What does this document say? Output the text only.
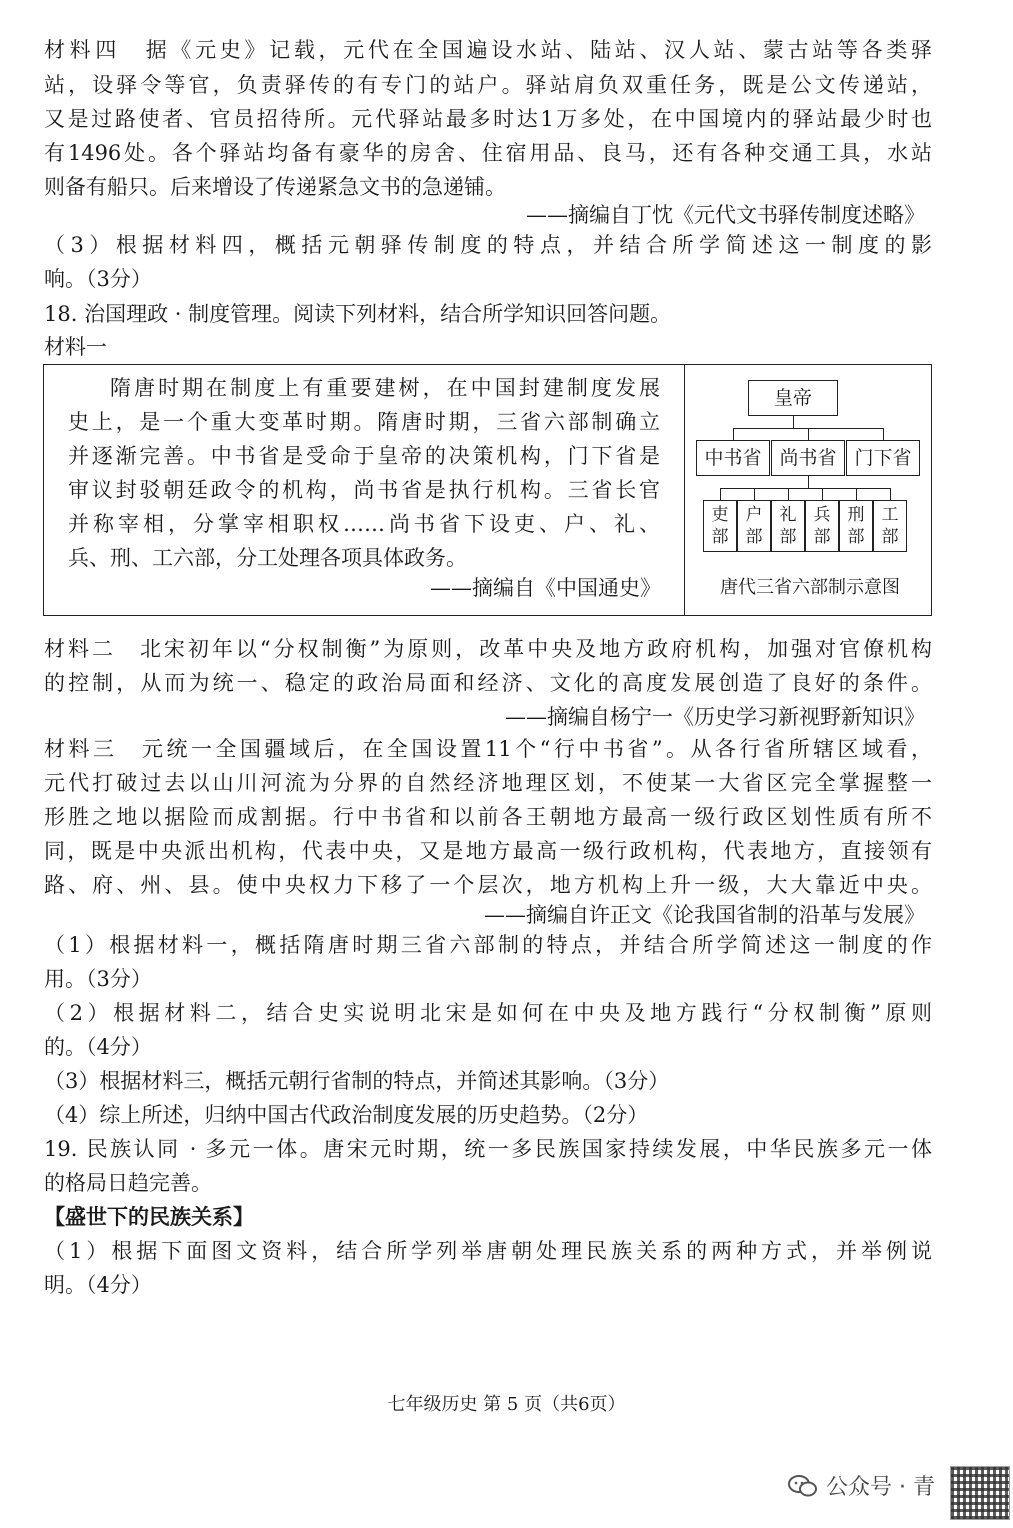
材料四　 据《元史》记载，元代在全国遍设水站、陆站、汉人站、蒙古站等各类驿
站，设驿令等官，负责驿传的有专门的站户。驿站肩负双重任务，既是公文传递站，
又是过路使者、官员招待所。元代驿站最多时达1万多处，在中国境内的驿站最少时也
有1496处。各个驿站均备有豪华的房舍、住宿用品、良马，还有各种交通工具，水站
则备有船只。后来增设了传递紧急文书的急递铺。
——摘编自丁忱《元代文书驿传制度述略》
（3）根据材料四，概括元朝驿传制度的特点，并结合所学简述这一制度的影
响。（3分）
18. 治国理政 · 制度管理。阅读下列材料，结合所学知识回答问题。
材料一
隋唐时期在制度上有重要建树，在中国封建制度发展
史上，是一个重大变革时期。隋唐时期，三省六部制确立
并逐渐完善。中书省是受命于皇帝的决策机构，门下省是
审议封驳朝廷政令的机构，尚书省是执行机构。三省长官
并称宰相，分掌宰相职权……尚书省下设吏、户、礼、
兵、刑、工六部，分工处理各项具体政务。
——摘编自《中国通史》
皇帝
中书省 尚书省 门下省
吏
部
户
部
礼
部
兵
部
刑
部
工
部
唐代三省六部制示意图
材料二　北宋初年以“分权制衡”为原则，改革中央及地方政府机构，加强对官僚机构
的控制，从而为统一、稳定的政治局面和经济、文化的高度发展创造了良好的条件。
——摘编自杨宁一《历史学习新视野新知识》
材料三　元统一全国疆域后，在全国设置11个“行中书省”。从各行省所辖区域看，
元代打破过去以山川河流为分界的自然经济地理区划，不使某一大省区完全掌握整一
形胜之地以据险而成割据。行中书省和以前各王朝地方最高一级行政区划性质有所不
同，既是中央派出机构，代表中央，又是地方最高一级行政机构，代表地方，直接领有
路、府、州、县。使中央权力下移了一个层次，地方机构上升一级，大大靠近中央。
——摘编自许正文《论我国省制的沿革与发展》
（1）根据材料一，概括隋唐时期三省六部制的特点，并结合所学简述这一制度的作
用。（3分）
（2）根据材料二，结合史实说明北宋是如何在中央及地方践行“分权制衡”原则
的。（4分）
（3）根据材料三，概括元朝行省制的特点，并简述其影响。（3分）
（4）综上所述，归纳中国古代政治制度发展的历史趋势。（2分）
19. 民族认同 · 多元一体。唐宋元时期，统一多民族国家持续发展，中华民族多元一体
的格局日趋完善。
【盛世下的民族关系】
（1）根据下面图文资料，结合所学列举唐朝处理民族关系的两种方式，并举例说
明。（4分）
七年级历史 第 5 页（共6页）
公众号 · 青
